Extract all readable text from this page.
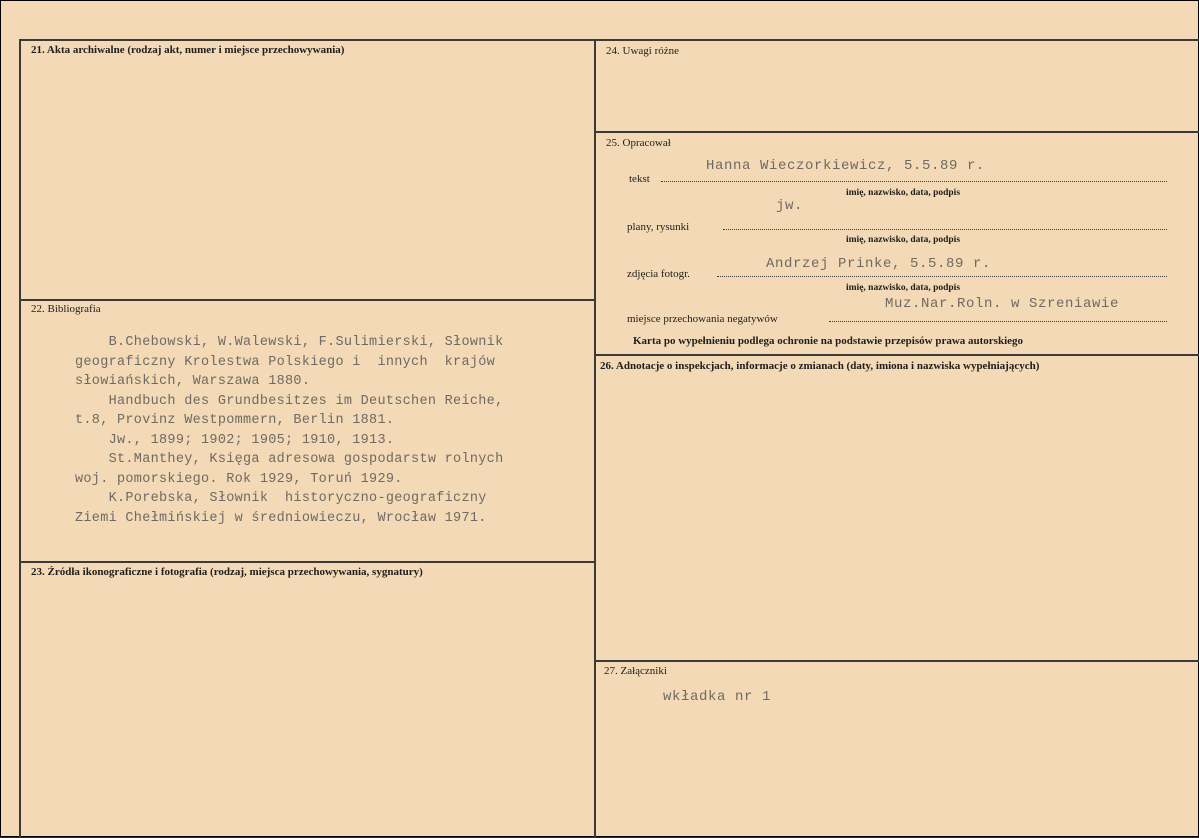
21. Akta archiwalne (rodzaj akt, numer i miejsce przechowywania)
22. Bibliografia
B.Chebowski, W.Walewski, F.Sulimierski, Słownik
geograficzny Krolestwa Polskiego i  innych  krajów
słowiańskich, Warszawa 1880.
Handbuch des Grundbesitzes im Deutschen Reiche,
t.8, Provinz Westpommern, Berlin 1881.
Jw., 1899; 1902; 1905; 1910, 1913.
St.Manthey, Księga adresowa gospodarstw rolnych
woj. pomorskiego. Rok 1929, Toruń 1929.
K.Porebska, Słownik  historyczno-geograficzny
Ziemi Chełmińskiej w średniowieczu, Wrocław 1971.
23. Źródła ikonograficzne i fotografia (rodzaj, miejsca przechowywania, sygnatury)
24. Uwagi różne
25. Opracował
tekst
Hanna Wieczorkiewicz, 5.5.89 r.
imię, nazwisko, data, podpis
plany, rysunki
jw.
imię, nazwisko, data, podpis
zdjęcia fotogr.
Andrzej Prinke, 5.5.89 r.
imię, nazwisko, data, podpis
miejsce przechowania negatywów
Muz.Nar.Roln. w Szreniawie
Karta po wypełnieniu podlega ochronie na podstawie przepisów prawa autorskiego
26. Adnotacje o inspekcjach, informacje o zmianach (daty, imiona i nazwiska wypełniających)
27. Załączniki
wkładka nr 1
